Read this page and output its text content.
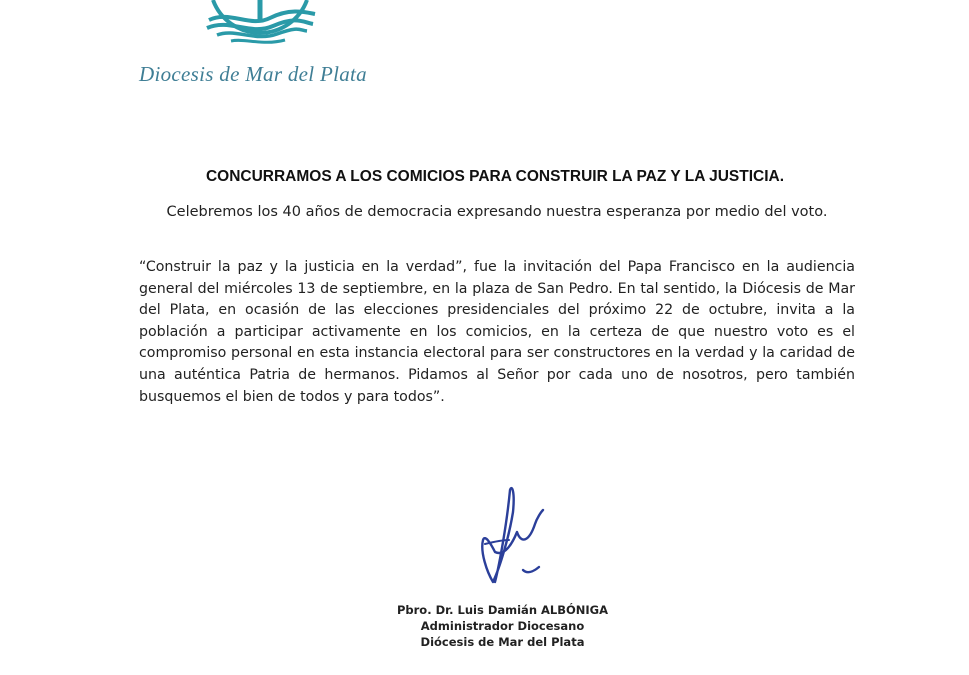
Diocesis de Mar del Plata
CONCURRAMOS A LOS COMICIOS PARA CONSTRUIR LA PAZ Y LA JUSTICIA.
Celebremos los 40 años de democracia expresando nuestra esperanza por medio del voto.
“Construir la paz y la justicia en la verdad”, fue la invitación del Papa Francisco en la audiencia general del miércoles 13 de septiembre, en la plaza de San Pedro. En tal sentido, la Diócesis de Mar del Plata, en ocasión de las elecciones presidenciales del próximo 22 de octubre, invita a la población a participar activamente en los comicios, en la certeza de que nuestro voto es el compromiso personal en esta instancia electoral para ser constructores en la verdad y la caridad de una auténtica Patria de hermanos. Pidamos al Señor por cada uno de nosotros, pero también busquemos el bien de todos y para todos”.
Pbro. Dr. Luis Damián ALBÓNIGA
Administrador Diocesano
Diócesis de Mar del Plata
